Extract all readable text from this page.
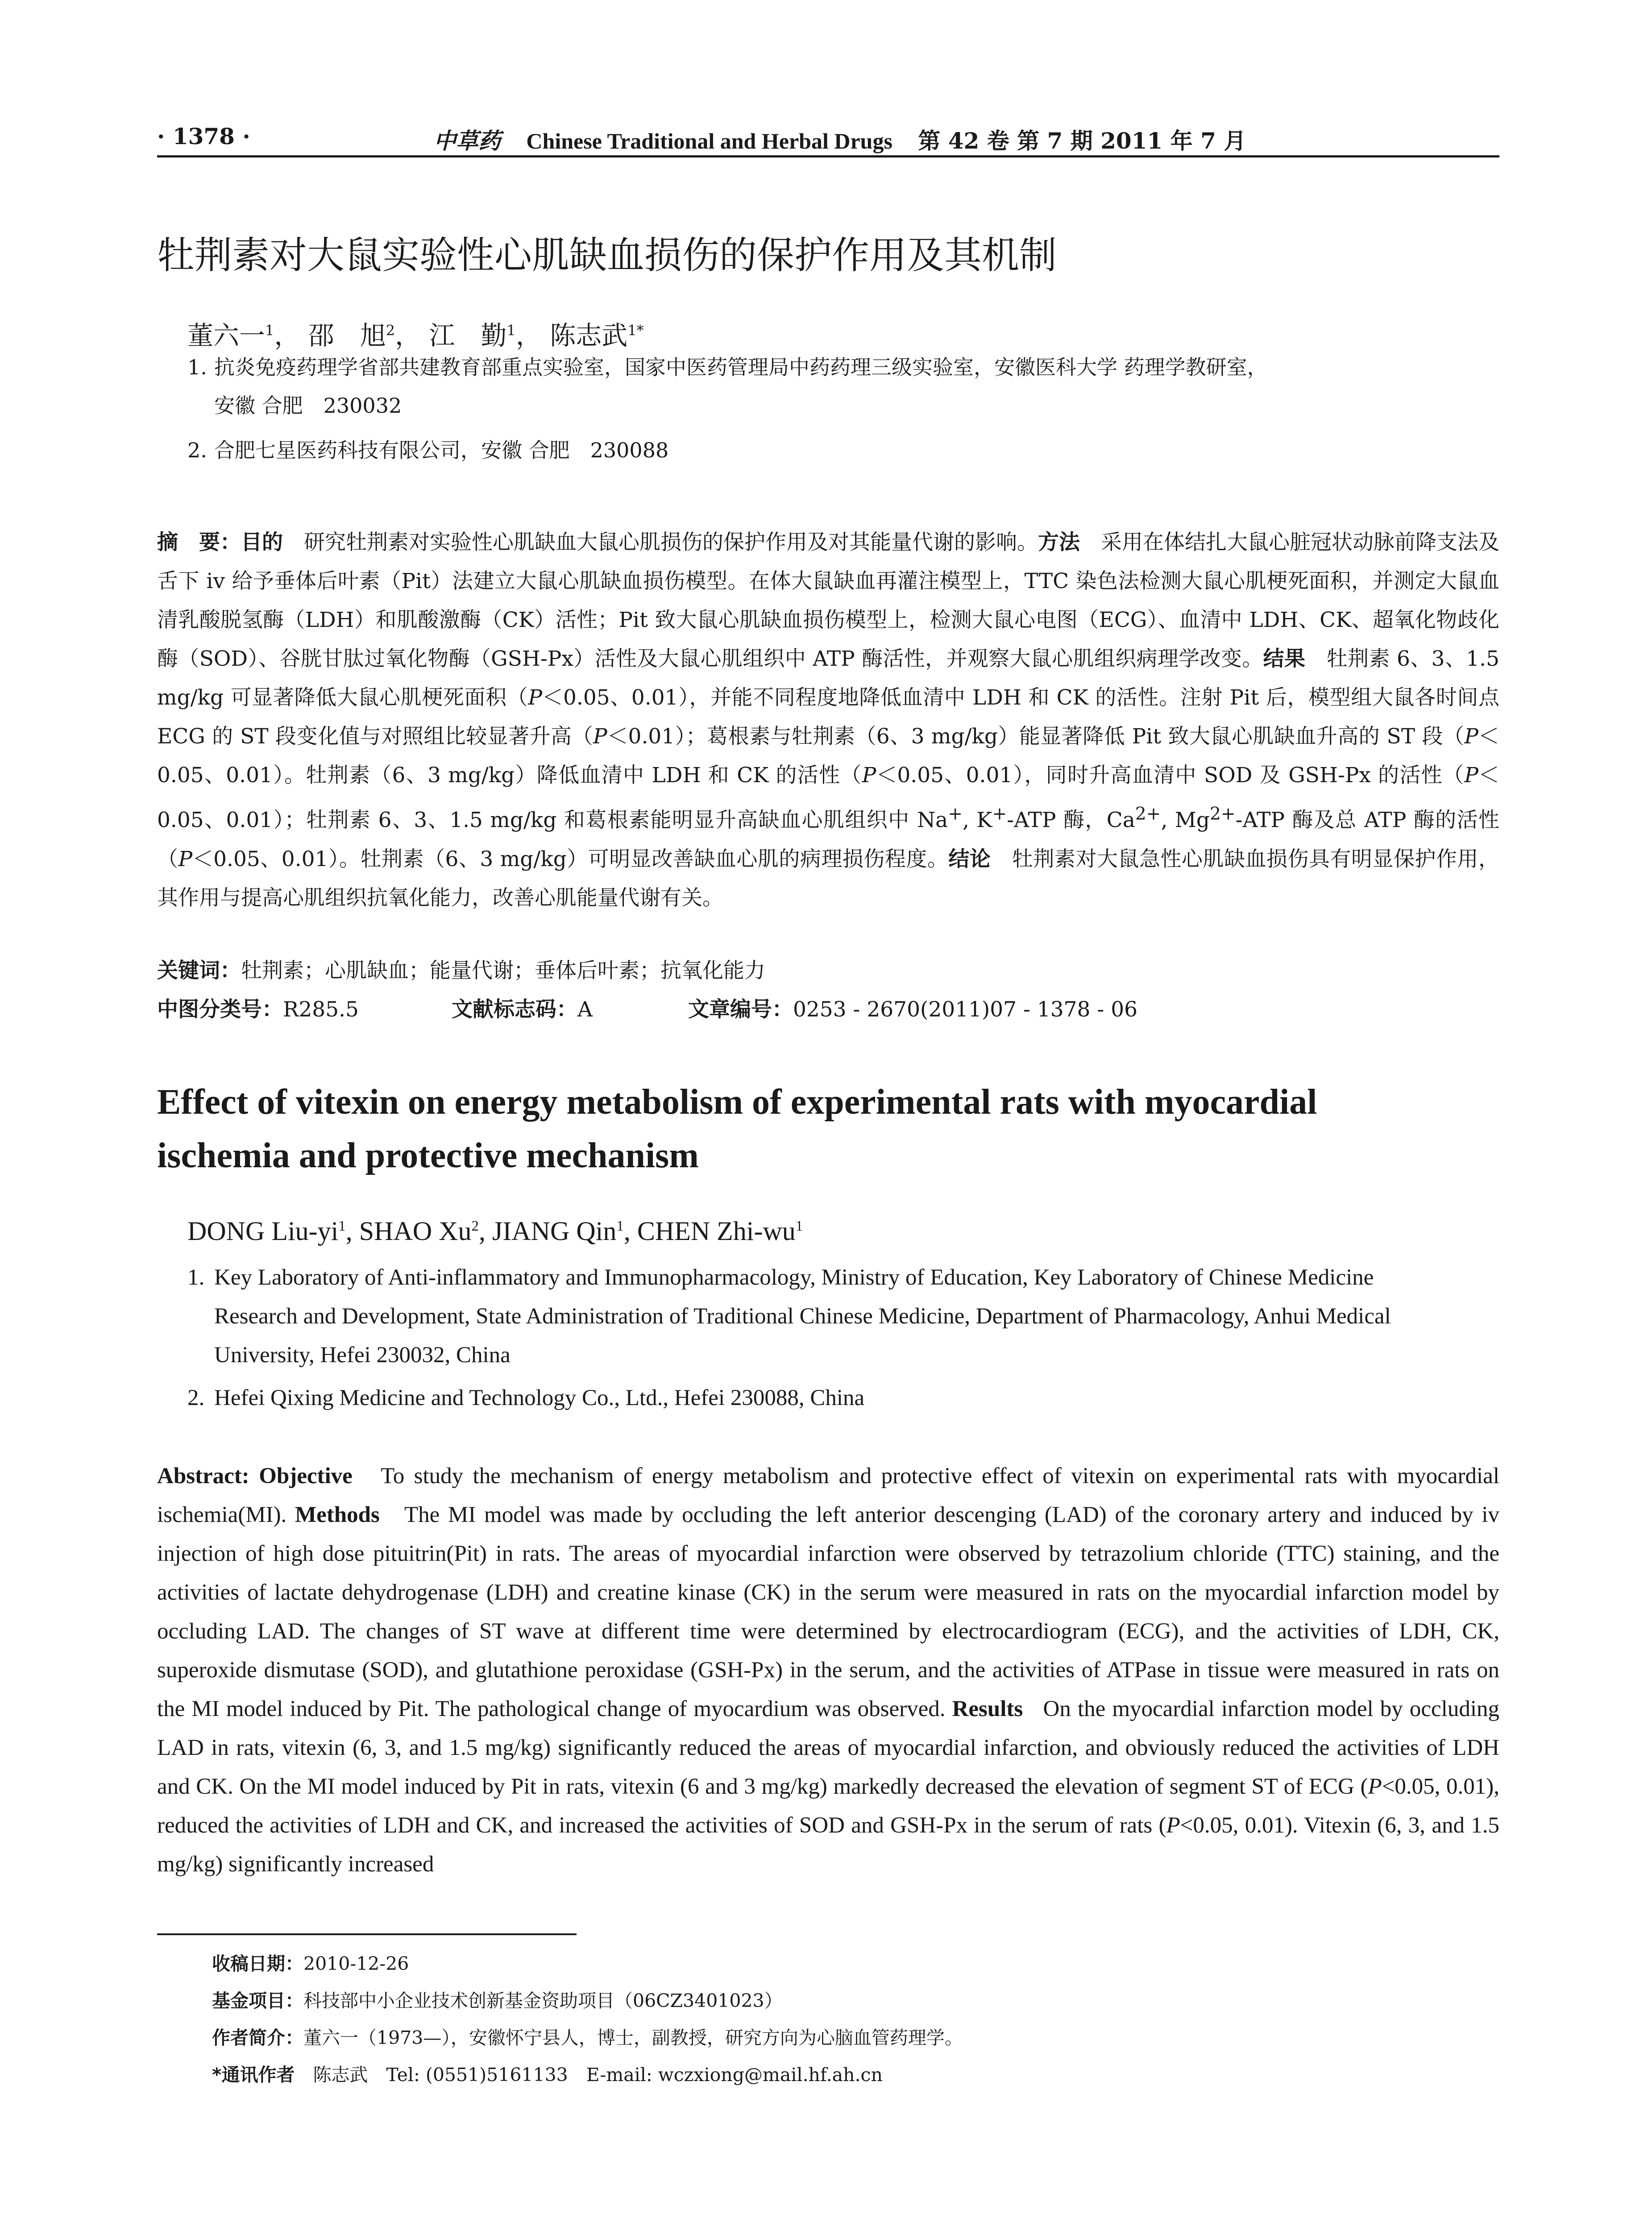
· 1378 ·	中草药 Chinese Traditional and Herbal Drugs 第 42 卷 第 7 期 2011 年 7 月
牡荆素对大鼠实验性心肌缺血损伤的保护作用及其机制
董六一$^1$， 邵　旭$^2$， 江　勤$^1$， 陈志武$^{1*}$
1. 抗炎免疫药理学省部共建教育部重点实验室，国家中医药管理局中药药理三级实验室，安徽医科大学 药理学教研室，
安徽 合肥　230032
2. 合肥七星医药科技有限公司，安徽 合肥　230088
摘　要：目的　 研究牡荆素对实验性心肌缺血大鼠心肌损伤的保护作用及对其能量代谢的影响。方法　 采用在体结扎大鼠心脏冠状动脉前降支法及舌下 iv 给予垂体后叶素（Pit）法建立大鼠心肌缺血损伤模型。在体大鼠缺血再灌注模型上，TTC 染色法检测大鼠心肌梗死面积，并测定大鼠血清乳酸脱氢酶（LDH）和肌酸激酶（CK）活性；Pit 致大鼠心肌缺血损伤模型上，检测大鼠心电图（ECG）、血清中 LDH、CK、超氧化物歧化酶（SOD）、谷胱甘肽过氧化物酶（GSH-Px）活性及大鼠心肌组织中 ATP 酶活性，并观察大鼠心肌组织病理学改变。结果　 牡荆素 6、3、1.5 mg/kg 可显著降低大鼠心肌梗死面积（P＜0.05、0.01），并能不同程度地降低血清中 LDH 和 CK 的活性。注射 Pit 后，模型组大鼠各时间点 ECG 的 ST 段变化值与对照组比较显著升高（P＜0.01）；葛根素与牡荆素（6、3 mg/kg）能显著降低 Pit 致大鼠心肌缺血升高的 ST 段（P＜0.05、0.01）。牡荆素（6、3 mg/kg）降低血清中 LDH 和 CK 的活性（P＜0.05、0.01），同时升高血清中 SOD 及 GSH-Px 的活性（P＜0.05、0.01）；牡荆素 6、3、1.5 mg/kg 和葛根素能明显升高缺血心肌组织中 Na+, K+-ATP 酶，$Ca^{2+}$, $Mg^{2+}$-ATP 酶及总 ATP 酶的活性（P＜0.05、0.01）。牡荆素（6、3 mg/kg）可明显改善缺血心肌的病理损伤程度。结论　 牡荆素对大鼠急性心肌缺血损伤具有明显保护作用，其作用与提高心肌组织抗氧化能力，改善心肌能量代谢有关。
关键词：牡荆素；心肌缺血；能量代谢；垂体后叶素；抗氧化能力
中图分类号：R285.5	文献标志码：A	文章编号：0253 - 2670(2011)07 - 1378 - 06
Effect of vitexin on energy metabolism of experimental rats with myocardial
ischemia and protective mechanism
DONG Liu-$yi^1$, SHAO Xu$^2$, JIANG Qin$^1$, CHEN Zhi-$wu^1$
1. Key Laboratory of Anti-inflammatory and Immunopharmacology, Ministry of Education, Key Laboratory of Chinese Medicine
Research and Development, State Administration of Traditional Chinese Medicine, Department of Pharmacology, Anhui Medical
University, Hefei 230032, China
2. Hefei Qixing Medicine and Technology Co., Ltd., Hefei 230088, China
Abstract: Objective To study the mechanism of energy metabolism and protective effect of vitexin on experimental rats with myocardial ischemia(MI). Methods The MI model was made by occluding the left anterior descenging (LAD) of the coronary artery and induced by iv injection of high dose pituitrin(Pit) in rats. The areas of myocardial infarction were observed by tetrazolium chloride (TTC) staining, and the activities of lactate dehydrogenase (LDH) and creatine kinase (CK) in the serum were measured in rats on the myocardial infarction model by occluding LAD. The changes of ST wave at different time were determined by electrocardiogram (ECG), and the activities of LDH, CK, superoxide dismutase (SOD), and glutathione peroxidase (GSH-Px) in the serum, and the activities of ATPase in tissue were measured in rats on the MI model induced by Pit. The pathological change of myocardium was observed. Results On the myocardial infarction model by occluding LAD in rats, vitexin (6, 3, and 1.5 mg/kg) significantly reduced the areas of myocardial infarction, and obviously reduced the activities of LDH and CK. On the MI model induced by Pit in rats, vitexin (6 and 3 mg/kg) markedly decreased the elevation of segment ST of ECG (P<0.05, 0.01), reduced the activities of LDH and CK, and increased the activities of SOD and GSH-Px in the serum of rats (P<0.05, 0.01). Vitexin (6, 3, and 1.5 mg/kg) significantly increased
收稿日期：2010-12-26
基金项目：科技部中小企业技术创新基金资助项目（06CZ3401023）
作者简介：董六一（1973—），安徽怀宁县人，博士，副教授，研究方向为心脑血管药理学。
*通讯作者　陈志武　Tel: (0551)5161133　E-mail: wczxiong@mail.hf.ah.cn
